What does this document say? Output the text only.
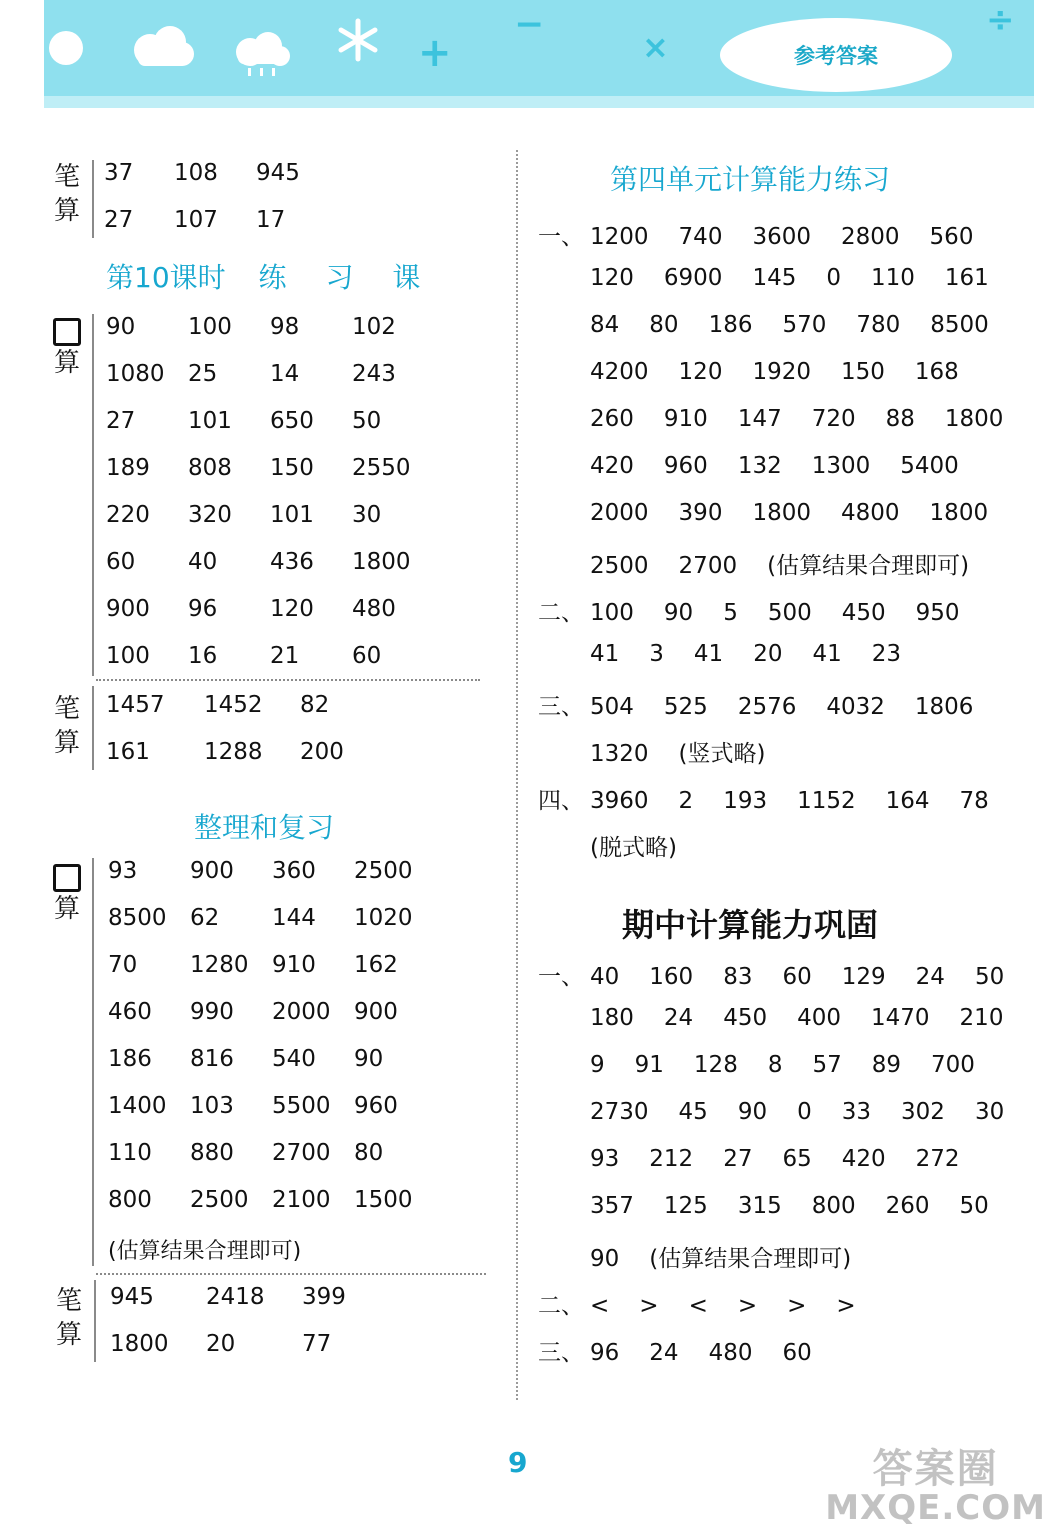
+
−
×
÷
参考答案
笔
算
37 108 945
27 107 17
第10课时 练 习 课
算
90 100 98 102
1080 25 14 243
27 101 650 50
189 808 150 2550
220 320 101 30
60 40 436 1800
900 96 120 480
100 16 21 60
笔
算
1457 1452 82
161 1288 200
整理和复习
算
93 900 360 2500
8500 62 144 1020
70 1280 910 162
460 990 2000 900
186 816 540 90
1400 103 5500 960
110 880 2700 80
800 2500 2100 1500
(估算结果合理即可)
笔
算
945 2418 399
1800 20	77
第四单元计算能力练习
一、 1200 740 3600 2800 560
120 6900 145 0 110 161
84 80 186 570 780 8500
4200 120 1920 150 168
260 910 147 720 88 1800
420 960 132 1300 5400
2000 390 1800 4800 1800
2500 2700 (估算结果合理即可)
二、 100 90 5 500 450 950
41 3 41 20 41 23
三、 504 525 2576 4032 1806
1320 (竖式略)
四、 3960 2 193 1152 164 78
(脱式略)
期中计算能力巩固
一、 40 160 83 60 129 24 50
180 24 450 400 1470 210
9 91 128 8 57 89 700
2730 45 90 0 33 302 30
93 212 27 65 420 272
357 125 315 800 260 50
90 (估算结果合理即可)
二、 < > < > > >
三、 96 24 480 60
9	答案圈
MXQE.COM
